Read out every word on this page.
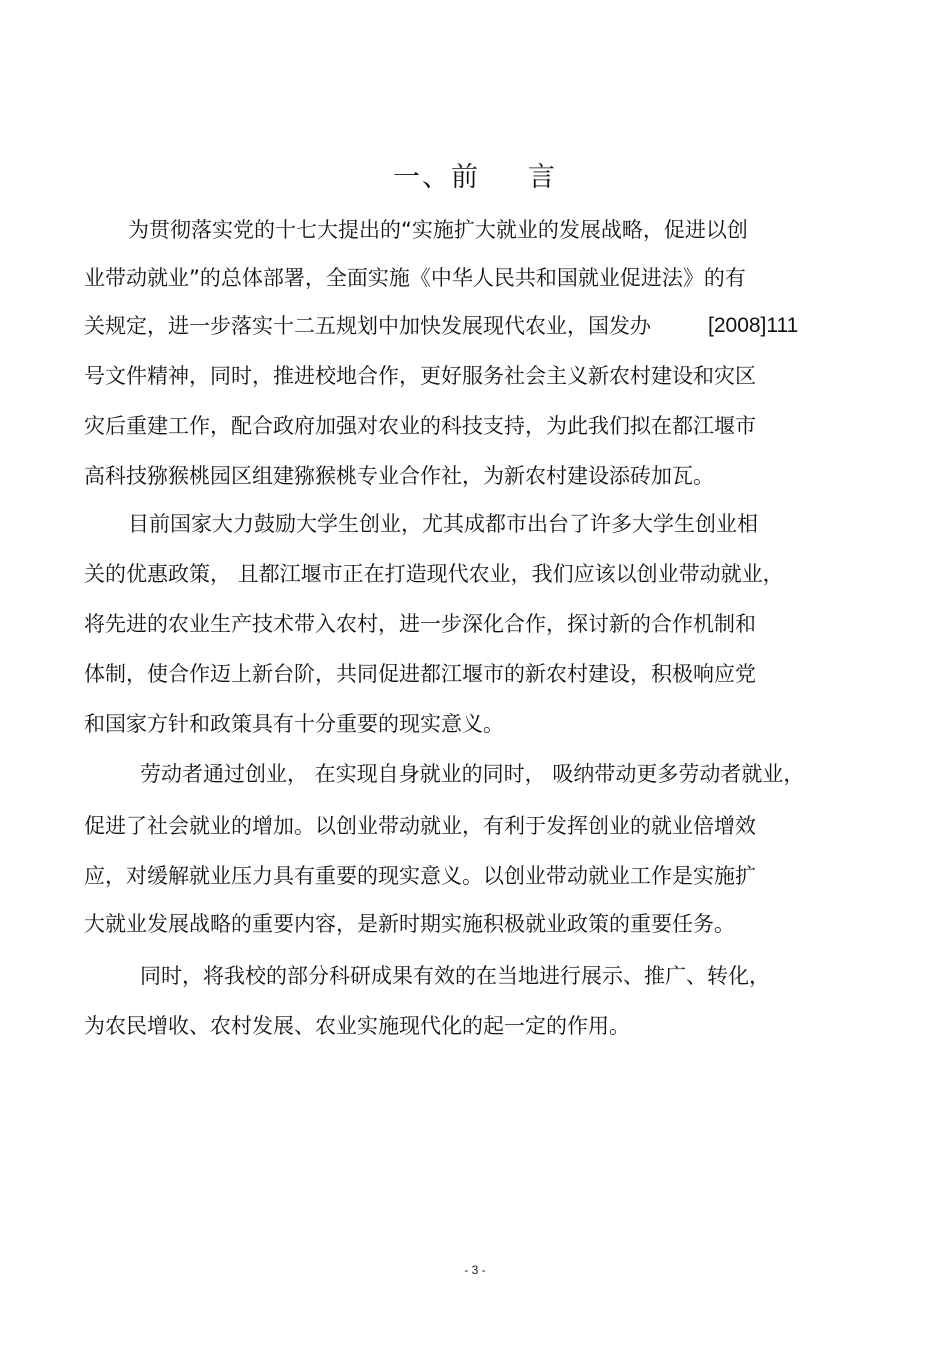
一、前 言
为贯彻落实党的十七大提出的“实施扩大就业的发展战略，促进以创
业带动就业”的总体部署，全面实施《中华人民共和国就业促进法》的有
关规定，进一步落实十二五规划中加快发展现代农业，国发办	[2008]111
号文件精神，同时，推进校地合作，更好服务社会主义新农村建设和灾区
灾后重建工作，配合政府加强对农业的科技支持，为此我们拟在都江堰市
高科技猕猴桃园区组建猕猴桃专业合作社，为新农村建设添砖加瓦。
目前国家大力鼓励大学生创业，尤其成都市出台了许多大学生创业相
关的优惠政策， 且都江堰市正在打造现代农业，我们应该以创业带动就业，
将先进的农业生产技术带入农村，进一步深化合作，探讨新的合作机制和
体制，使合作迈上新台阶，共同促进都江堰市的新农村建设，积极响应党
和国家方针和政策具有十分重要的现实意义。
劳动者通过创业， 在实现自身就业的同时， 吸纳带动更多劳动者就业，
促进了社会就业的增加。以创业带动就业，有利于发挥创业的就业倍增效
应，对缓解就业压力具有重要的现实意义。以创业带动就业工作是实施扩
大就业发展战略的重要内容，是新时期实施积极就业政策的重要任务。
同时，将我校的部分科研成果有效的在当地进行展示、推广、转化，
为农民增收、农村发展、农业实施现代化的起一定的作用。
- 3 -
